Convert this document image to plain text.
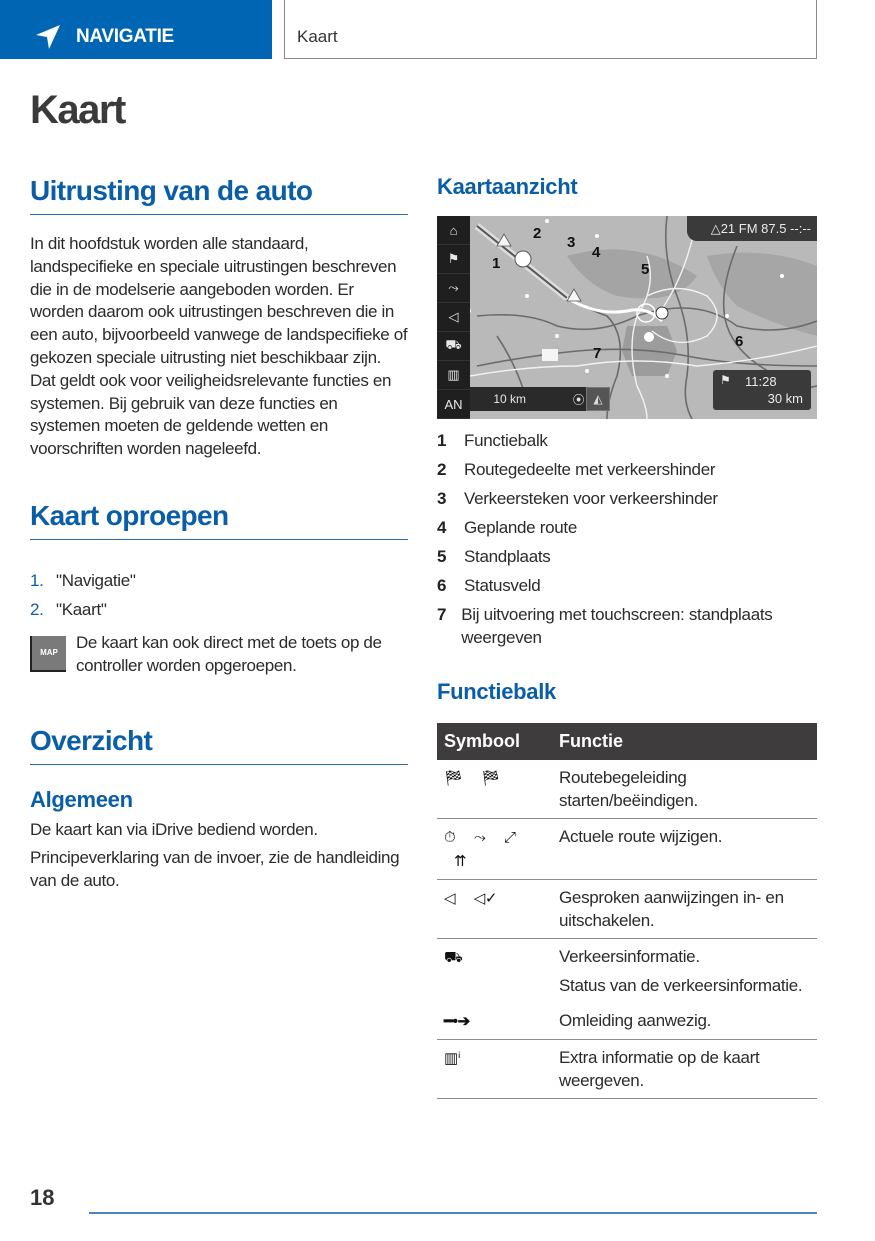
NAVIGATIE	Kaart
Kaart
Uitrusting van de auto

In dit hoofdstuk worden alle standaard, landspecifieke en speciale uitrustingen beschreven die in de modelserie aangeboden worden. Er worden daarom ook uitrustingen beschreven die in een auto, bijvoorbeeld vanwege de landspecifieke of gekozen speciale uitrusting niet beschikbaar zijn. Dat geldt ook voor veiligheidsrelevante functies en systemen. Bij gebruik van deze functies en systemen moeten de geldende wetten en voorschriften worden nageleefd.

Kaart oproepen
1. "Navigatie"
2. "Kaart"
MAP

De kaart kan ook direct met de toets op de controller worden opgeroepen.

Overzicht
Algemeen

De kaart kan via iDrive bediend worden.

Principeverklaring van de invoer, zie de handleiding van de auto.

Kaartaanzicht
⌂
⚑
⤳
◁
⛟
▥
AN
△21 FM 87.5 --:--
10 km	⦿ ◭
⚑ 11:28
30 km
1
2
3
4
5
6
7
1	Functiebalk
2	Routegedeelte met verkeershinder
3	Verkeersteken voor verkeershinder
4	Geplande route
5	Standplaats
6	Statusveld
7 Bij uitvoering met touchscreen: standplaats weergeven
Functiebalk
Symbool	Functie
🏁︎ 🏁︎	Routebegeleiding starten/beëindigen.
⏱︎ ⤳ ⤢
⇈	Actuele route wijzigen.
◁ ◁✓	Gesproken aanwijzingen in- en uitschakelen.
⛟	Verkeersinformatie.
Status van de verkeersinformatie.

━•➔	Omleiding aanwezig.
▥ⁱ	Extra informatie op de kaart weergeven.
18
